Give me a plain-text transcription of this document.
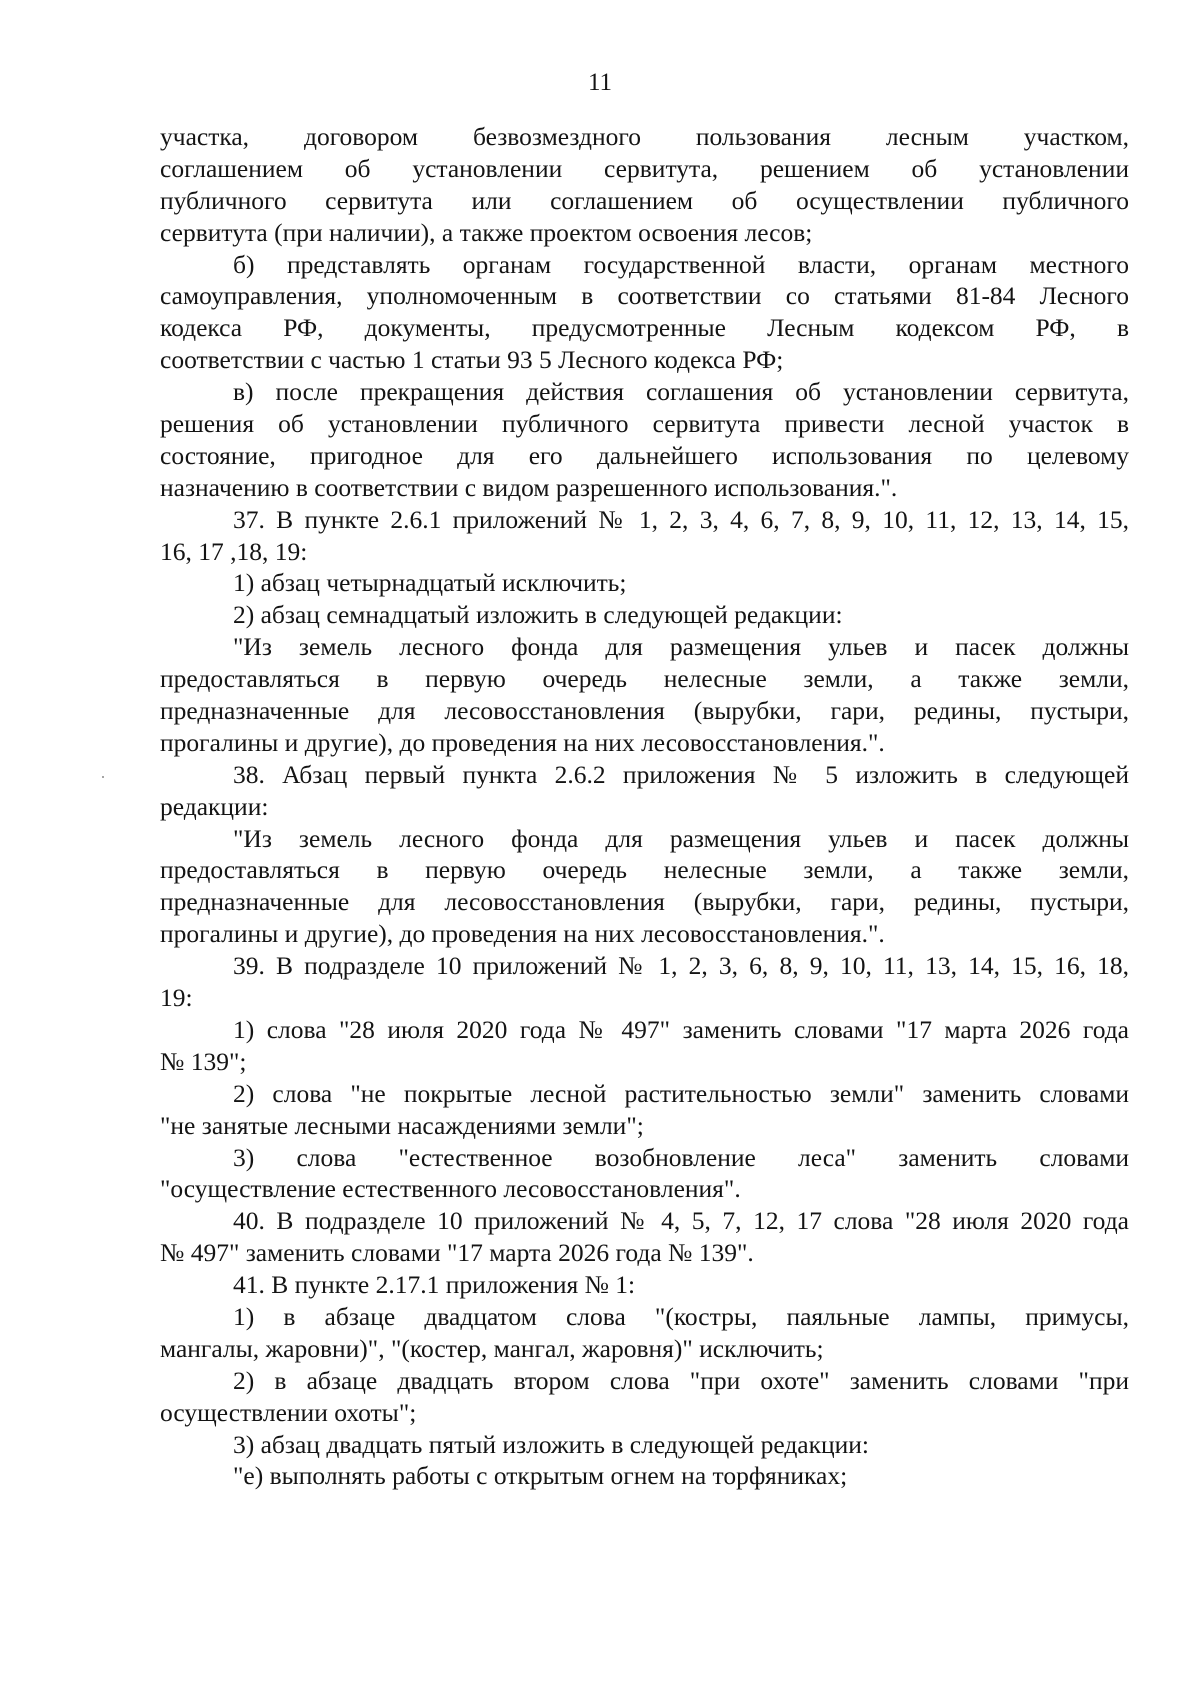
11
участка, договором безвозмездного пользования лесным участком,
соглашением об установлении сервитута, решением об установлении
публичного сервитута или соглашением об осуществлении публичного
сервитута (при наличии), а также проектом освоения лесов;
б) представлять органам государственной власти, органам местного
самоуправления, уполномоченным в соответствии со статьями 81-84 Лесного
кодекса РФ, документы, предусмотренные Лесным кодексом РФ, в
соответствии с частью 1 статьи 93 5 Лесного кодекса РФ;
в) после прекращения действия соглашения об установлении сервитута,
решения об установлении публичного сервитута привести лесной участок в
состояние, пригодное для его дальнейшего использования по целевому
назначению в соответствии с видом разрешенного использования.".
37. В пункте 2.6.1 приложений № 1, 2, 3, 4, 6, 7, 8, 9, 10, 11, 12, 13, 14, 15,
16, 17 ,18, 19:
1) абзац четырнадцатый исключить;
2) абзац семнадцатый изложить в следующей редакции:
"Из земель лесного фонда для размещения ульев и пасек должны
предоставляться в первую очередь нелесные земли, а также земли,
предназначенные для лесовосстановления (вырубки, гари, редины, пустыри,
прогалины и другие), до проведения на них лесовосстановления.".
38. Абзац первый пункта 2.6.2 приложения № 5 изложить в следующей
редакции:
"Из земель лесного фонда для размещения ульев и пасек должны
предоставляться в первую очередь нелесные земли, а также земли,
предназначенные для лесовосстановления (вырубки, гари, редины, пустыри,
прогалины и другие), до проведения на них лесовосстановления.".
39. В подразделе 10 приложений № 1, 2, 3, 6, 8, 9, 10, 11, 13, 14, 15, 16, 18,
19:
1) слова "28 июля 2020 года № 497" заменить словами "17 марта 2026 года
№ 139";
2) слова "не покрытые лесной растительностью земли" заменить словами
"не занятые лесными насаждениями земли";
3) слова "естественное возобновление леса" заменить словами
"осуществление естественного лесовосстановления".
40. В подразделе 10 приложений № 4, 5, 7, 12, 17 слова "28 июля 2020 года
№ 497" заменить словами "17 марта 2026 года № 139".
41. В пункте 2.17.1 приложения № 1:
1) в абзаце двадцатом слова "(костры, паяльные лампы, примусы,
мангалы, жаровни)", "(костер, мангал, жаровня)" исключить;
2) в абзаце двадцать втором слова "при охоте" заменить словами "при
осуществлении охоты";
3) абзац двадцать пятый изложить в следующей редакции:
"е) выполнять работы с открытым огнем на торфяниках;
